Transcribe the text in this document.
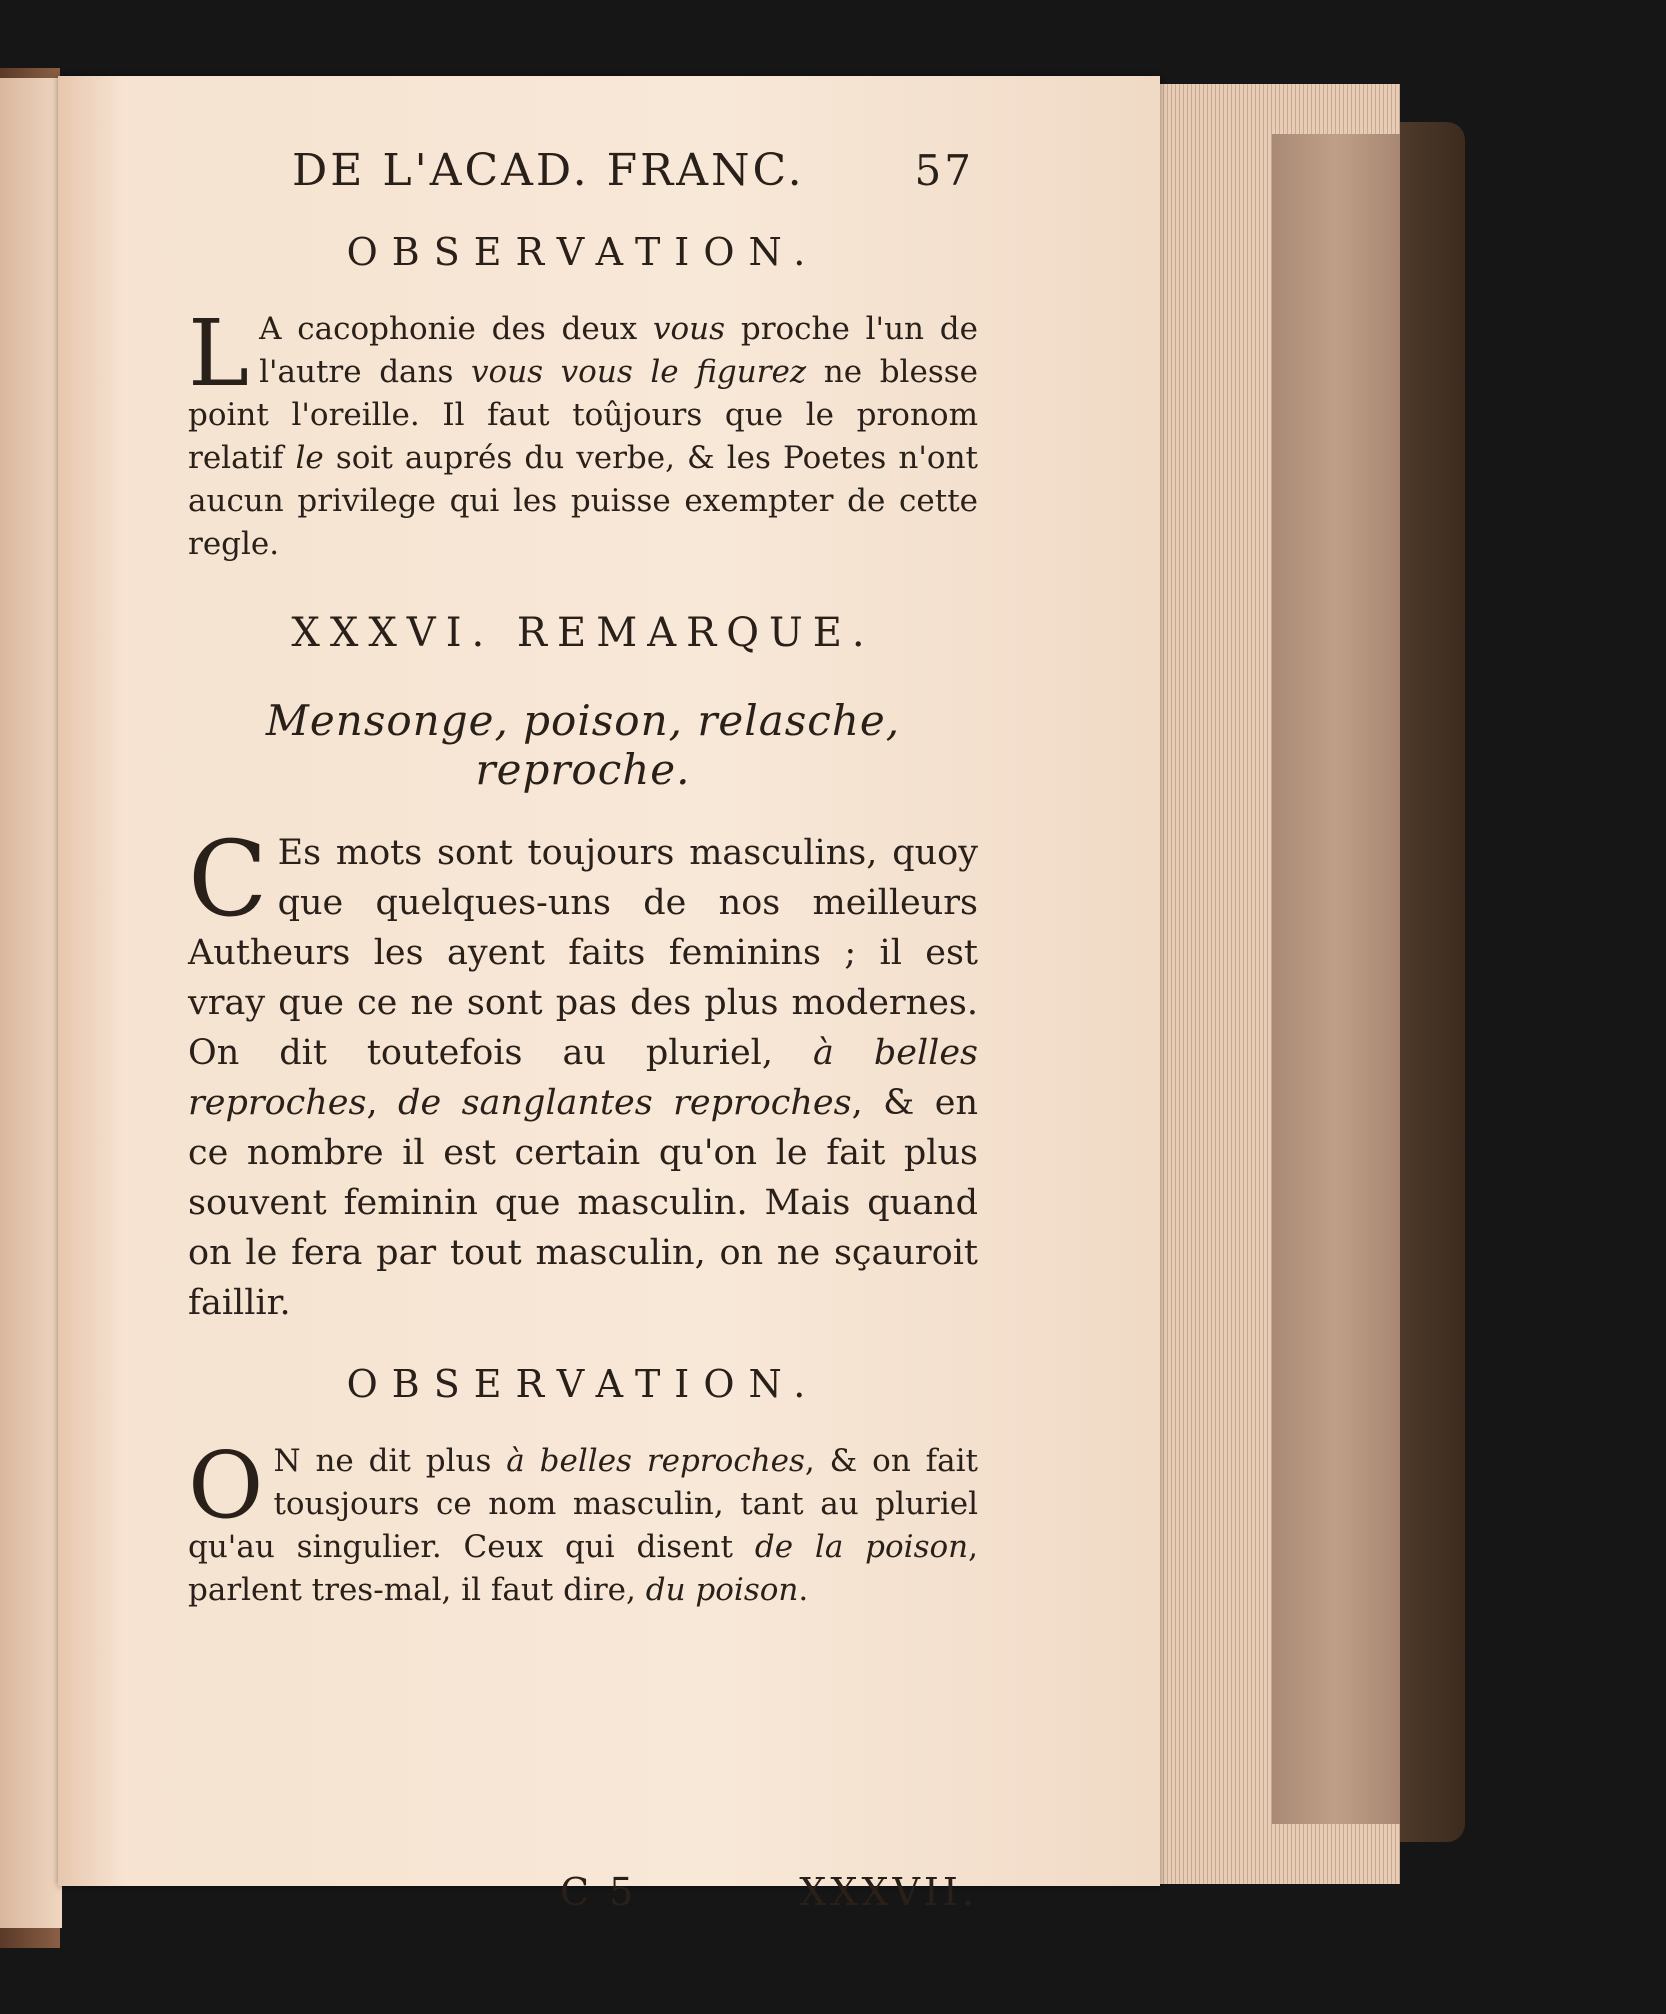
DE L'ACAD. FRANC.	57
OBSERVATION.
L A cacophonie des deux vous proche l'un de l'autre dans vous vous le figurez ne blesse point l'oreille. Il faut toûjours que le pronom relatif le soit auprés du verbe, & les Poetes n'ont aucun privilege qui les puisse exempter de cette regle.
XXXVI. REMARQUE.
Mensonge, poison, relasche, reproche.
C Es mots sont toujours masculins, quoy que quelques-uns de nos meilleurs Autheurs les ayent faits feminins ; il est vray que ce ne sont pas des plus modernes. On dit toutefois au pluriel, à belles reproches, de sanglantes reproches, & en ce nombre il est certain qu'on le fait plus souvent feminin que masculin. Mais quand on le fera par tout masculin, on ne sçauroit faillir.
OBSERVATION.
O N ne dit plus à belles reproches, & on fait tousjours ce nom masculin, tant au pluriel qu'au singulier. Ceux qui disent de la poison, parlent tres-mal, il faut dire, du poison.
C 5	XXXVII.
